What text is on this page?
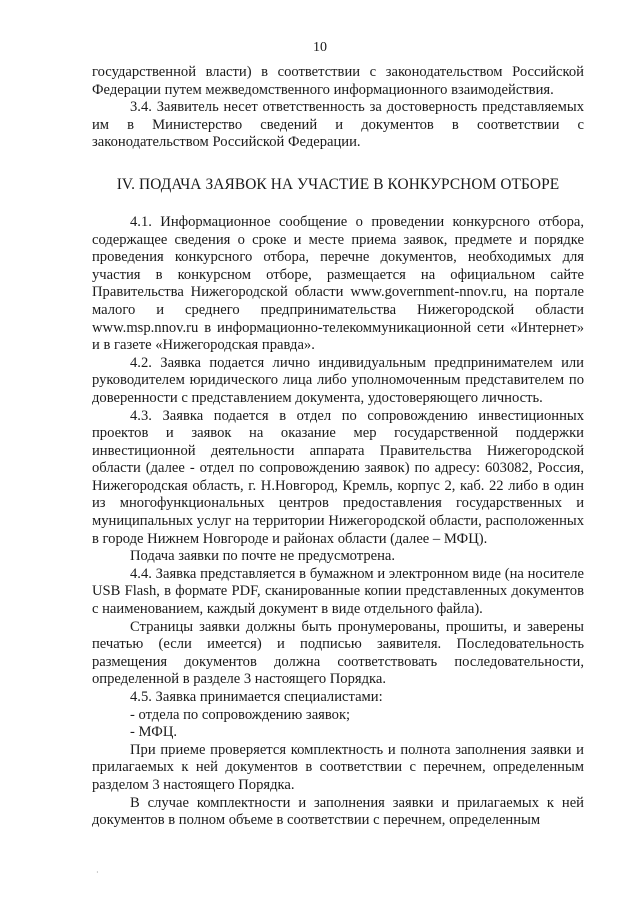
10

государственной власти) в соответствии с законодательством Российской Федерации путем межведомственного информационного взаимодействия.

3.4. Заявитель несет ответственность за достоверность представляемых им в Министерство сведений и документов в соответствии с законодательством Российской Федерации.

IV. ПОДАЧА ЗАЯВОК НА УЧАСТИЕ В КОНКУРСНОМ ОТБОРЕ

4.1. Информационное сообщение о проведении конкурсного отбора, содержащее сведения о сроке и месте приема заявок, предмете и порядке проведения конкурсного отбора, перечне документов, необходимых для участия в конкурсном отборе, размещается на официальном сайте Правительства Нижегородской области www.government-nnov.ru, на портале малого и среднего предпринимательства Нижегородской области www.msp.nnov.ru в информационно-телекоммуникационной сети «Интернет» и в газете «Нижегородская правда».

4.2. Заявка подается лично индивидуальным предпринимателем или руководителем юридического лица либо уполномоченным представителем по доверенности с представлением документа, удостоверяющего личность.

4.3. Заявка подается в отдел по сопровождению инвестиционных проектов и заявок на оказание мер государственной поддержки инвестиционной деятельности аппарата Правительства Нижегородской области (далее - отдел по сопровождению заявок) по адресу: 603082, Россия, Нижегородская область, г. Н.Новгород, Кремль, корпус 2, каб. 22 либо в один из многофункциональных центров предоставления государственных и муниципальных услуг на территории Нижегородской области, расположенных в городе Нижнем Новгороде и районах области (далее – МФЦ).

Подача заявки по почте не предусмотрена.

4.4. Заявка представляется в бумажном и электронном виде (на носителе USB Flash, в формате PDF, сканированные копии представленных документов с наименованием, каждый документ в виде отдельного файла).

Страницы заявки должны быть пронумерованы, прошиты, и заверены печатью (если имеется) и подписью заявителя. Последовательность размещения документов должна соответствовать последовательности, определенной в разделе 3 настоящего Порядка.

4.5. Заявка принимается специалистами:

- отдела по сопровождению заявок;

- МФЦ.

При приеме проверяется комплектность и полнота заполнения заявки и прилагаемых к ней документов в соответствии с перечнем, определенным разделом 3 настоящего Порядка.

В случае комплектности и заполнения заявки и прилагаемых к ней документов в полном объеме в соответствии с перечнем, определенным

·
